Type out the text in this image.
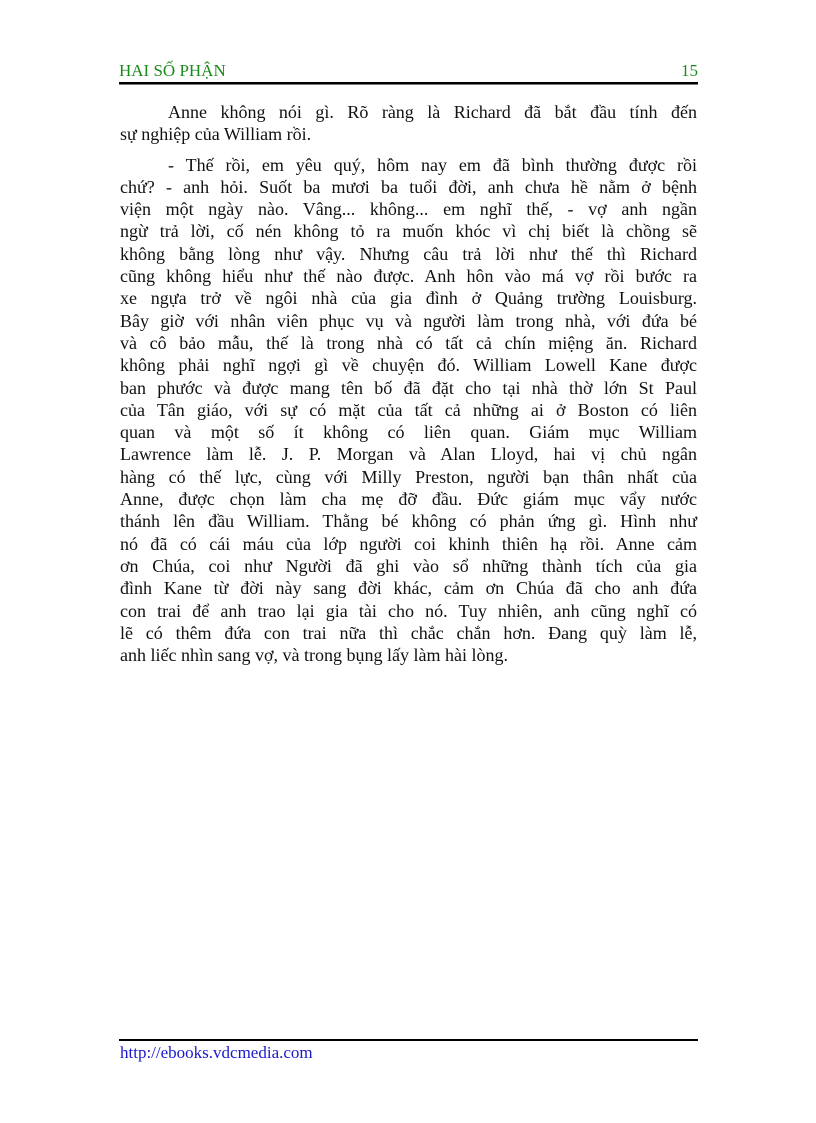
HAI SỐ PHẬN	15
Anne không nói gì. Rõ ràng là Richard đã bắt đầu tính đến
sự nghiệp của William rồi.
- Thế rồi, em yêu quý, hôm nay em đã bình thường được rồi
chứ? - anh hỏi. Suốt ba mươi ba tuổi đời, anh chưa hề nằm ở bệnh
viện một ngày nào. Vâng... không... em nghĩ thế, - vợ anh ngần
ngừ trả lời, cố nén không tỏ ra muốn khóc vì chị biết là chồng sẽ
không bằng lòng như vậy. Nhưng câu trả lời như thế thì Richard
cũng không hiểu như thế nào được. Anh hôn vào má vợ rồi bước ra
xe ngựa trở về ngôi nhà của gia đình ở Quảng trường Louisburg.
Bây giờ với nhân viên phục vụ và người làm trong nhà, với đứa bé
và cô bảo mẫu, thế là trong nhà có tất cả chín miệng ăn. Richard
không phải nghĩ ngợi gì về chuyện đó. William Lowell Kane được
ban phước và được mang tên bố đã đặt cho tại nhà thờ lớn St Paul
của Tân giáo, với sự có mặt của tất cả những ai ở Boston có liên
quan và một số ít không có liên quan. Giám mục William
Lawrence làm lễ. J. P. Morgan và Alan Lloyd, hai vị chủ ngân
hàng có thế lực, cùng với Milly Preston, người bạn thân nhất của
Anne, được chọn làm cha mẹ đỡ đầu. Đức giám mục vẩy nước
thánh lên đầu William. Thằng bé không có phản ứng gì. Hình như
nó đã có cái máu của lớp người coi khinh thiên hạ rồi. Anne cảm
ơn Chúa, coi như Người đã ghi vào sổ những thành tích của gia
đình Kane từ đời này sang đời khác, cảm ơn Chúa đã cho anh đứa
con trai để anh trao lại gia tài cho nó. Tuy nhiên, anh cũng nghĩ có
lẽ có thêm đứa con trai nữa thì chắc chắn hơn. Đang quỳ làm lễ,
anh liếc nhìn sang vợ, và trong bụng lấy làm hài lòng.
http://ebooks.vdcmedia.com
